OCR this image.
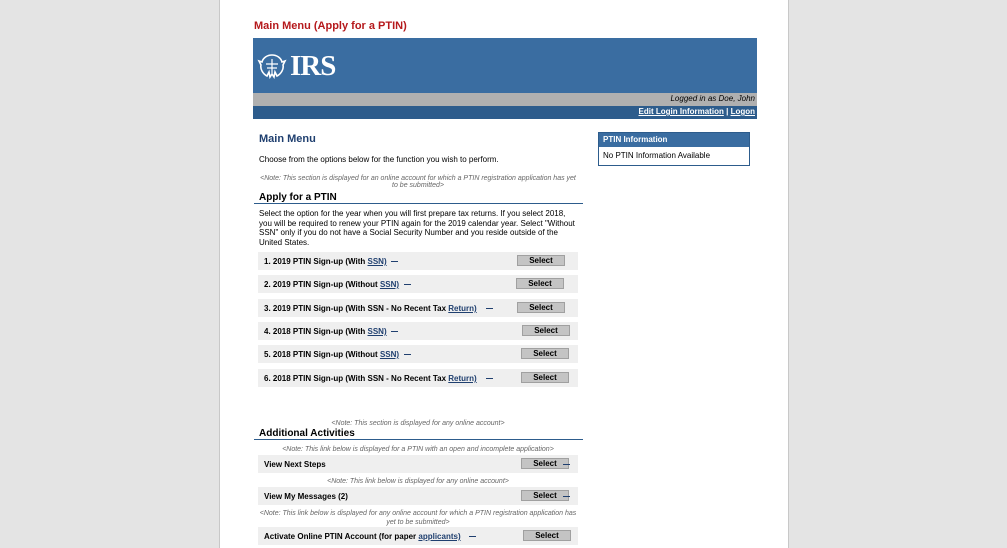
Main Menu (Apply for a PTIN)
IRS
Logged in as Doe, John
Edit Login Information | Logon
Main Menu
Choose from the options below for the function you wish to perform.
<Note: This section is displayed for an online account for which a PTIN registration application has yet to be submitted>
Apply for a PTIN
Select the option for the year when you will first prepare tax returns. If you select 2018, you will be required to renew your PTIN again for the 2019 calendar year. Select "Without SSN" only if you do not have a Social Security Number and you reside outside of the United States.
1. 2019 PTIN Sign-up (With SSN)	Select
2. 2019 PTIN Sign-up (Without SSN)	Select
3. 2019 PTIN Sign-up (With SSN - No Recent Tax Return)	Select
4. 2018 PTIN Sign-up (With SSN)	Select
5. 2018 PTIN Sign-up (Without SSN)	Select
6. 2018 PTIN Sign-up (With SSN - No Recent Tax Return)	Select
<Note: This section is displayed for any online account>
Additional Activities
<Note: This link below is displayed for a PTIN with an open and incomplete application>
View Next Steps	Select
<Note: This link below is displayed for any online account>
View My Messages (2)	Select
<Note: This link below is displayed for any online account for which a PTIN registration application has yet to be submitted>
Activate Online PTIN Account (for paper applicants)	Select
PTIN Information
No PTIN Information Available
